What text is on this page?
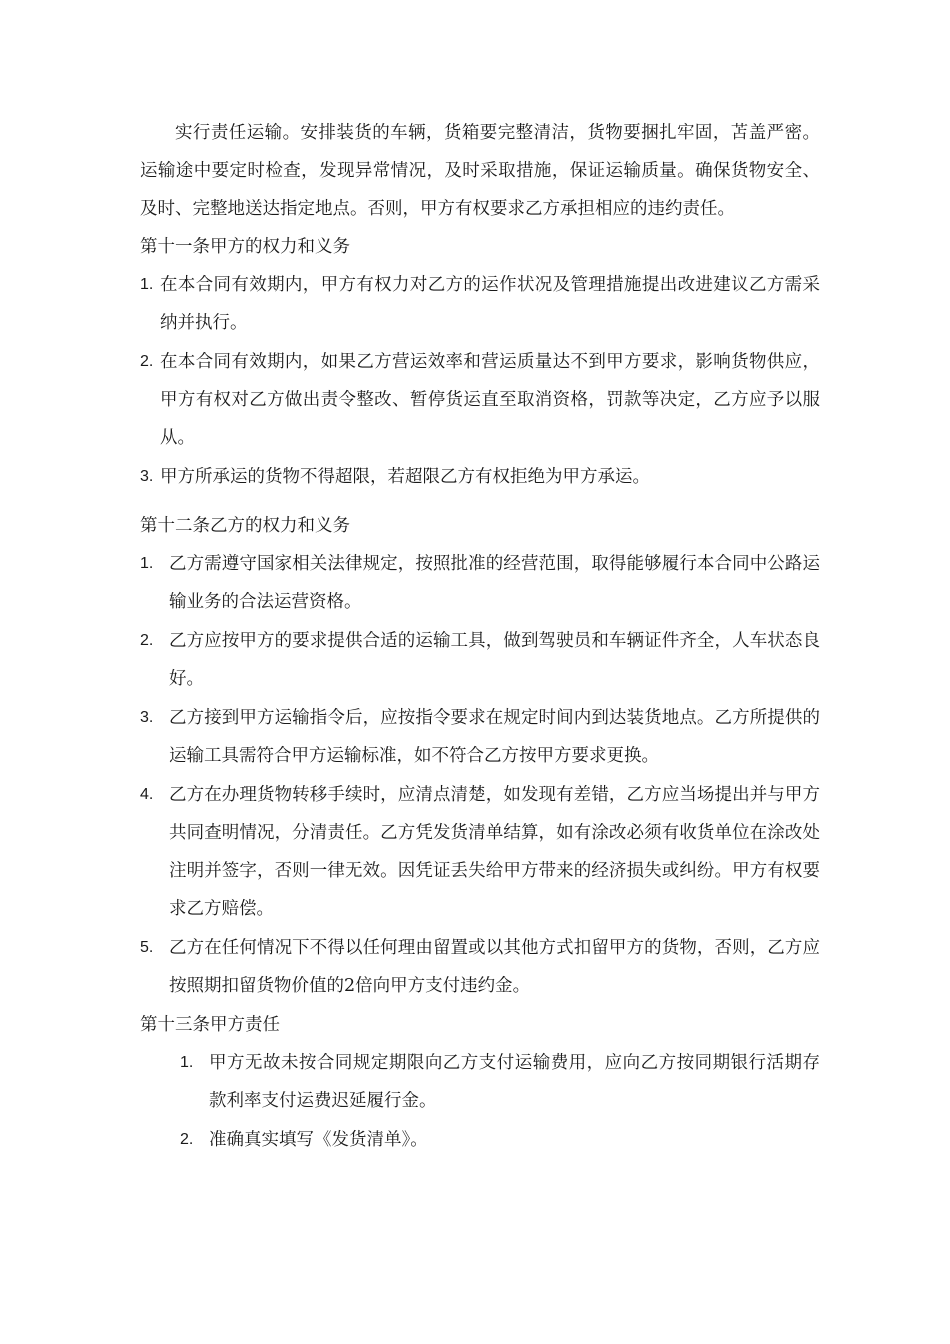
实行责任运输。安排装货的车辆，货箱要完整清洁，货物要捆扎牢固，苫盖严密。运输途中要定时检查，发现异常情况，及时采取措施，保证运输质量。确保货物安全、及时、完整地送达指定地点。否则，甲方有权要求乙方承担相应的违约责任。

第十一条甲方的权力和义务

1. 在本合同有效期内，甲方有权力对乙方的运作状况及管理措施提出改进建议乙方需采纳并执行。
2. 在本合同有效期内，如果乙方营运效率和营运质量达不到甲方要求，影响货物供应，甲方有权对乙方做出责令整改、暂停货运直至取消资格，罚款等决定，乙方应予以服从。
3. 甲方所承运的货物不得超限，若超限乙方有权拒绝为甲方承运。

第十二条乙方的权力和义务

1. 乙方需遵守国家相关法律规定，按照批准的经营范围，取得能够履行本合同中公路运输业务的合法运营资格。
2. 乙方应按甲方的要求提供合适的运输工具，做到驾驶员和车辆证件齐全，人车状态良好。
3. 乙方接到甲方运输指令后，应按指令要求在规定时间内到达装货地点。乙方所提供的运输工具需符合甲方运输标准，如不符合乙方按甲方要求更换。
4. 乙方在办理货物转移手续时，应清点清楚，如发现有差错，乙方应当场提出并与甲方共同查明情况，分清责任。乙方凭发货清单结算，如有涂改必须有收货单位在涂改处注明并签字，否则一律无效。因凭证丢失给甲方带来的经济损失或纠纷。甲方有权要求乙方赔偿。
5. 乙方在任何情况下不得以任何理由留置或以其他方式扣留甲方的货物，否则，乙方应按照期扣留货物价值的2倍向甲方支付违约金。

第十三条甲方责任

1. 甲方无故未按合同规定期限向乙方支付运输费用，应向乙方按同期银行活期存款利率支付运费迟延履行金。
2. 准确真实填写《发货清单》。
